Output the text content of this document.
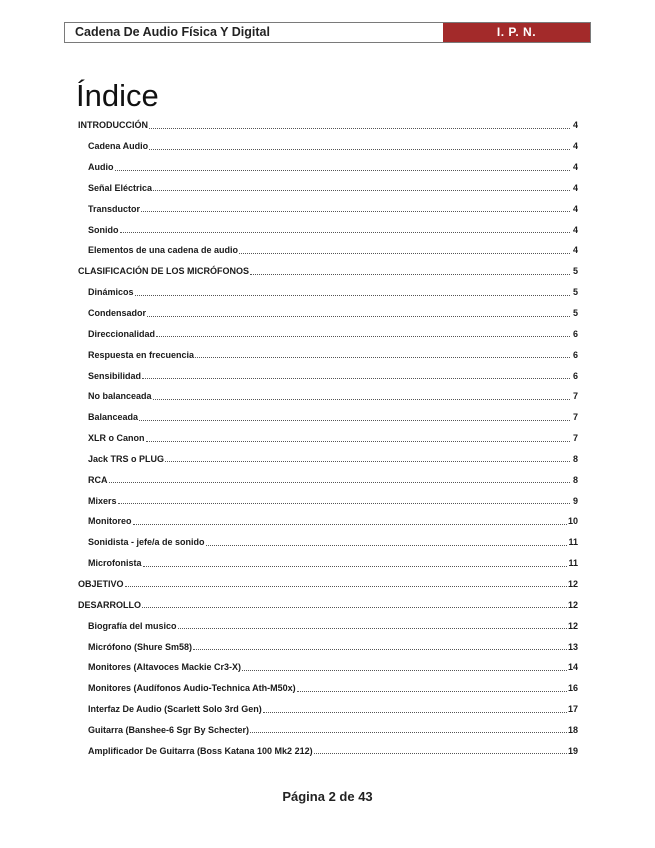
Cadena De Audio Física Y Digital	I. P. N.
Índice
INTRODUCCIÓN	4
Cadena Audio	4
Audio	4
Señal Eléctrica	4
Transductor	4
Sonido	4
Elementos de una cadena de audio	4
CLASIFICACIÓN DE LOS MICRÓFONOS	5
Dinámicos	5
Condensador	5
Direccionalidad	6
Respuesta en frecuencia	6
Sensibilidad	6
No balanceada	7
Balanceada	7
XLR o Canon	7
Jack TRS o PLUG	8
RCA	8
Mixers	9
Monitoreo	10
Sonidista - jefe/a de sonido	11
Microfonista	11
OBJETIVO	12
DESARROLLO	12
Biografía del musico	12
Micrófono (Shure Sm58)	13
Monitores (Altavoces Mackie Cr3-X)	14
Monitores (Audífonos Audio-Technica Ath-M50x)	16
Interfaz De Audio (Scarlett Solo 3rd Gen)	17
Guitarra (Banshee-6 Sgr By Schecter)	18
Amplificador De Guitarra (Boss Katana 100 Mk2 212)	19
Página 2 de 43
